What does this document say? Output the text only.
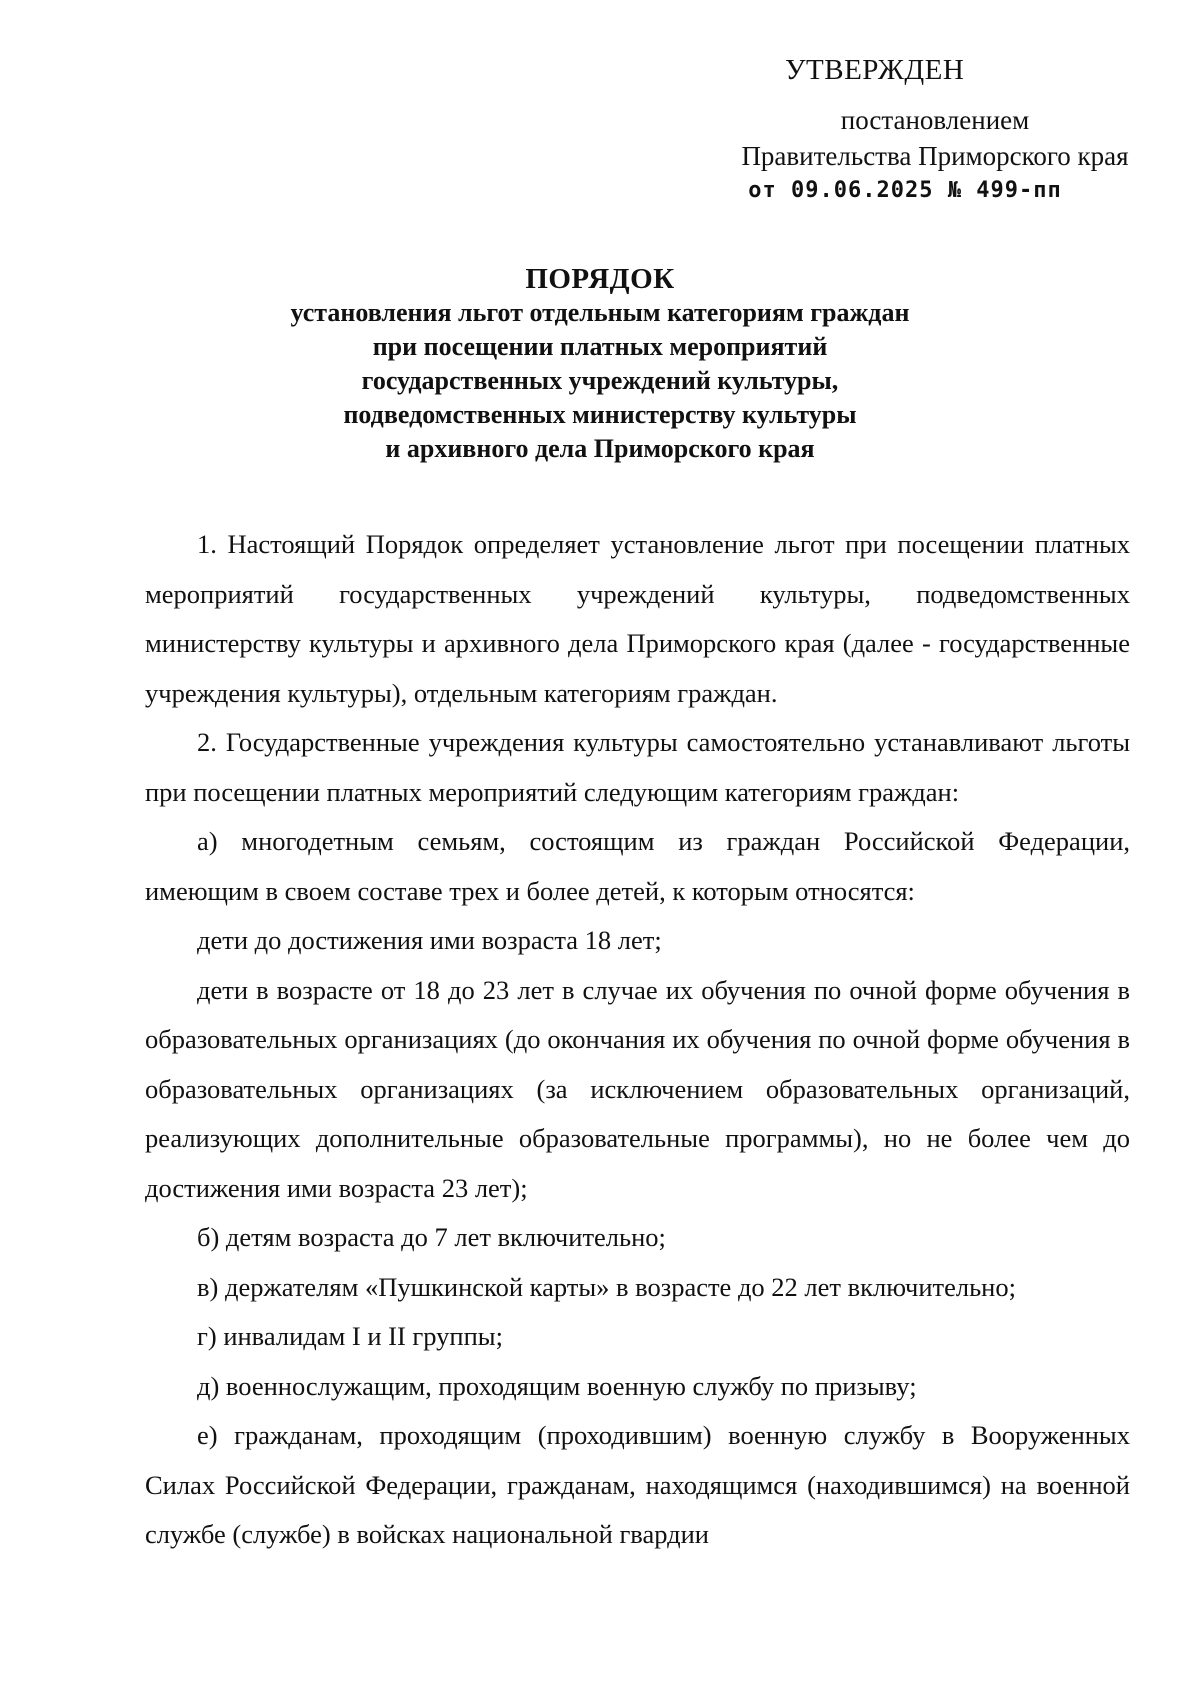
УТВЕРЖДЕН
постановлением
Правительства Приморского края
от 09.06.2025 № 499-пп
ПОРЯДОК
установления льгот отдельным категориям граждан
при посещении платных мероприятий
государственных учреждений культуры,
подведомственных министерству культуры
и архивного дела Приморского края

1. Настоящий Порядок определяет установление льгот при посещении платных мероприятий государственных учреждений культуры, подведомственных министерству культуры и архивного дела Приморского края (далее - государственные учреждения культуры), отдельным категориям граждан.

2. Государственные учреждения культуры самостоятельно устанавливают льготы при посещении платных мероприятий следующим категориям граждан:

а) многодетным семьям, состоящим из граждан Российской Федерации, имеющим в своем составе трех и более детей, к которым относятся:

дети до достижения ими возраста 18 лет;

дети в возрасте от 18 до 23 лет в случае их обучения по очной форме обучения в образовательных организациях (до окончания их обучения по очной форме обучения в образовательных организациях (за исключением образовательных организаций, реализующих дополнительные образовательные программы), но не более чем до достижения ими возраста 23 лет);

б) детям возраста до 7 лет включительно;

в) держателям «Пушкинской карты» в возрасте до 22 лет включительно;

г) инвалидам I и II группы;

д) военнослужащим, проходящим военную службу по призыву;

е) гражданам, проходящим (проходившим) военную службу в Вооруженных Силах Российской Федерации, гражданам, находящимся (находившимся) на военной службе (службе) в войсках национальной гвардии
